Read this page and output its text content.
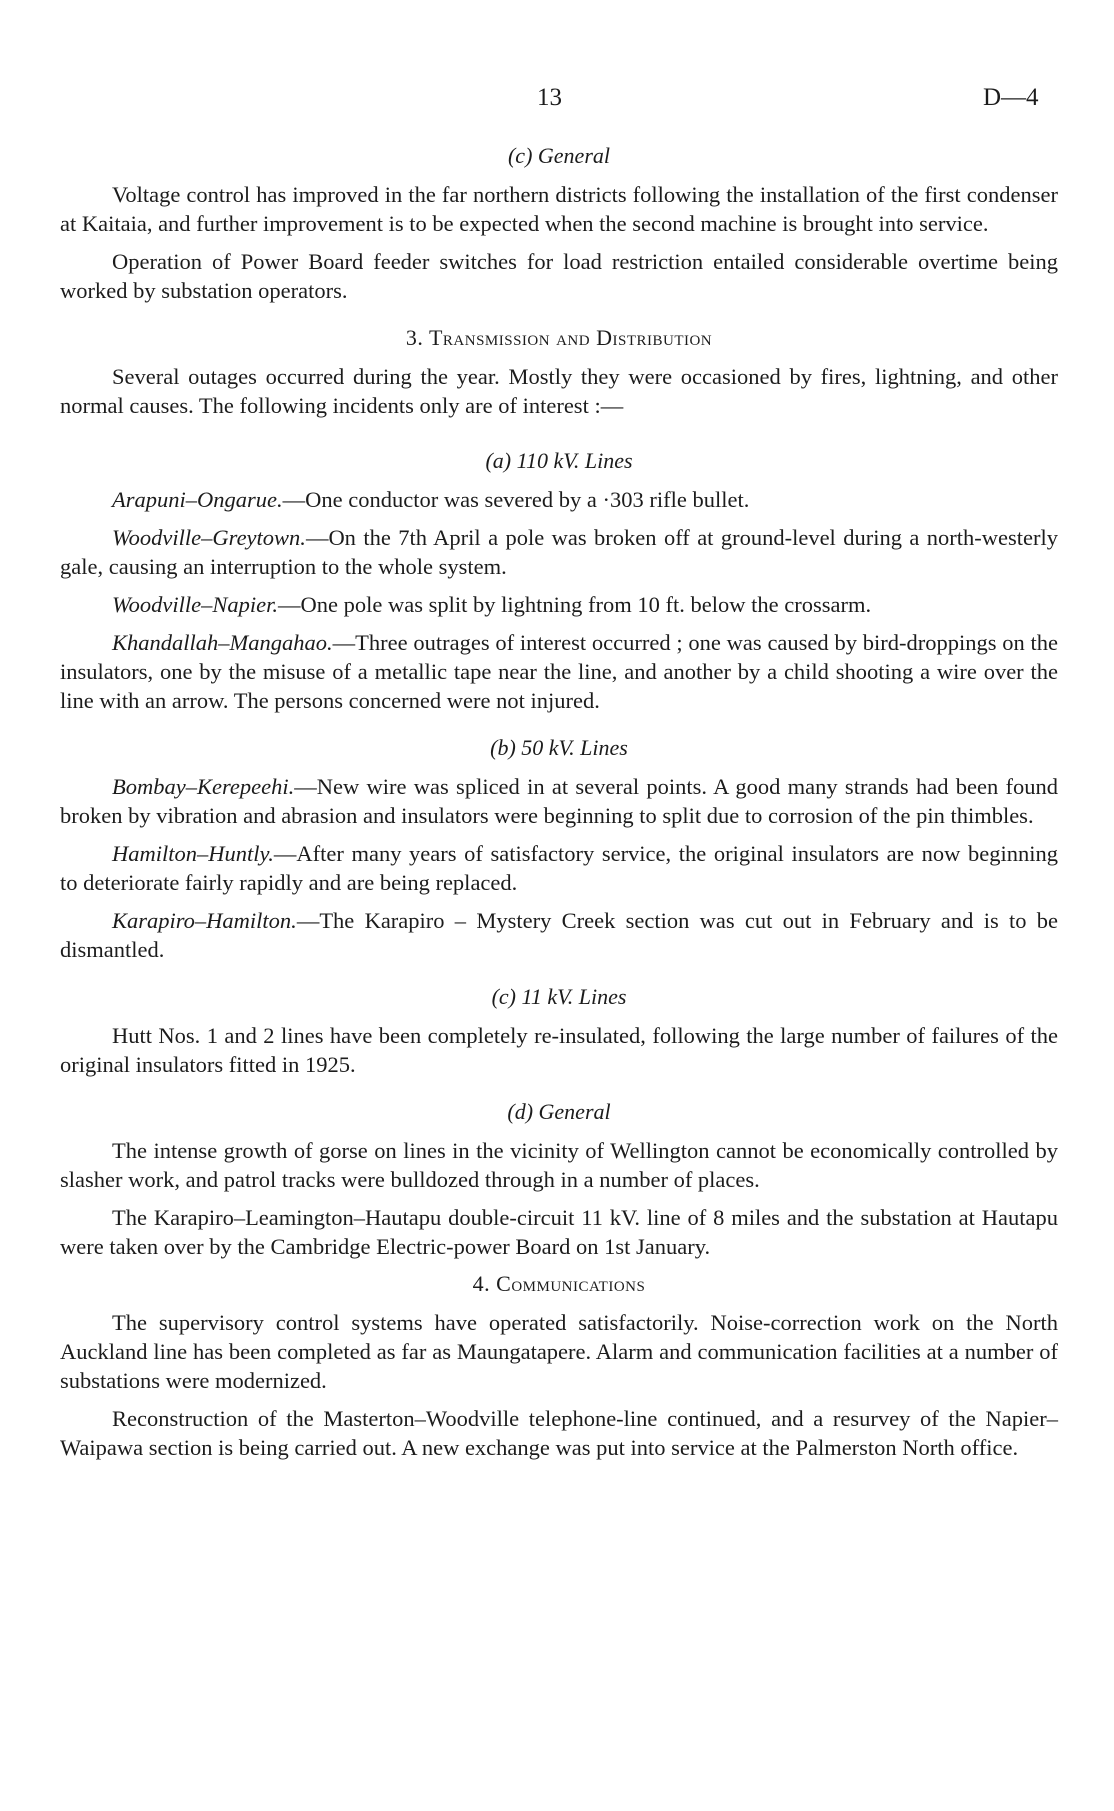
13	D—4
(c) General

Voltage control has improved in the far northern districts following the installation of the first condenser at Kaitaia, and further improvement is to be expected when the second machine is brought into service.

Operation of Power Board feeder switches for load restriction entailed considerable overtime being worked by substation operators.

3. Transmission and Distribution

Several outages occurred during the year. Mostly they were occasioned by fires, lightning, and other normal causes. The following incidents only are of interest :—

(a) 110 kV. Lines

Arapuni–Ongarue.—One conductor was severed by a ·303 rifle bullet.

Woodville–Greytown.—On the 7th April a pole was broken off at ground-level during a north-westerly gale, causing an interruption to the whole system.

Woodville–Napier.—One pole was split by lightning from 10 ft. below the crossarm.

Khandallah–Mangahao.—Three outrages of interest occurred ; one was caused by bird-droppings on the insulators, one by the misuse of a metallic tape near the line, and another by a child shooting a wire over the line with an arrow. The persons concerned were not injured.

(b) 50 kV. Lines

Bombay–Kerepeehi.—New wire was spliced in at several points. A good many strands had been found broken by vibration and abrasion and insulators were beginning to split due to corrosion of the pin thimbles.

Hamilton–Huntly.—After many years of satisfactory service, the original insulators are now beginning to deteriorate fairly rapidly and are being replaced.

Karapiro–Hamilton.—The Karapiro – Mystery Creek section was cut out in February and is to be dismantled.

(c) 11 kV. Lines

Hutt Nos. 1 and 2 lines have been completely re-insulated, following the large number of failures of the original insulators fitted in 1925.

(d) General

The intense growth of gorse on lines in the vicinity of Wellington cannot be economically controlled by slasher work, and patrol tracks were bulldozed through in a number of places.

The Karapiro–Leamington–Hautapu double-circuit 11 kV. line of 8 miles and the substation at Hautapu were taken over by the Cambridge Electric-power Board on 1st January.

4. Communications

The supervisory control systems have operated satisfactorily. Noise-correction work on the North Auckland line has been completed as far as Maungatapere. Alarm and communication facilities at a number of substations were modernized.

Reconstruction of the Masterton–Woodville telephone-line continued, and a resurvey of the Napier–Waipawa section is being carried out. A new exchange was put into service at the Palmerston North office.
